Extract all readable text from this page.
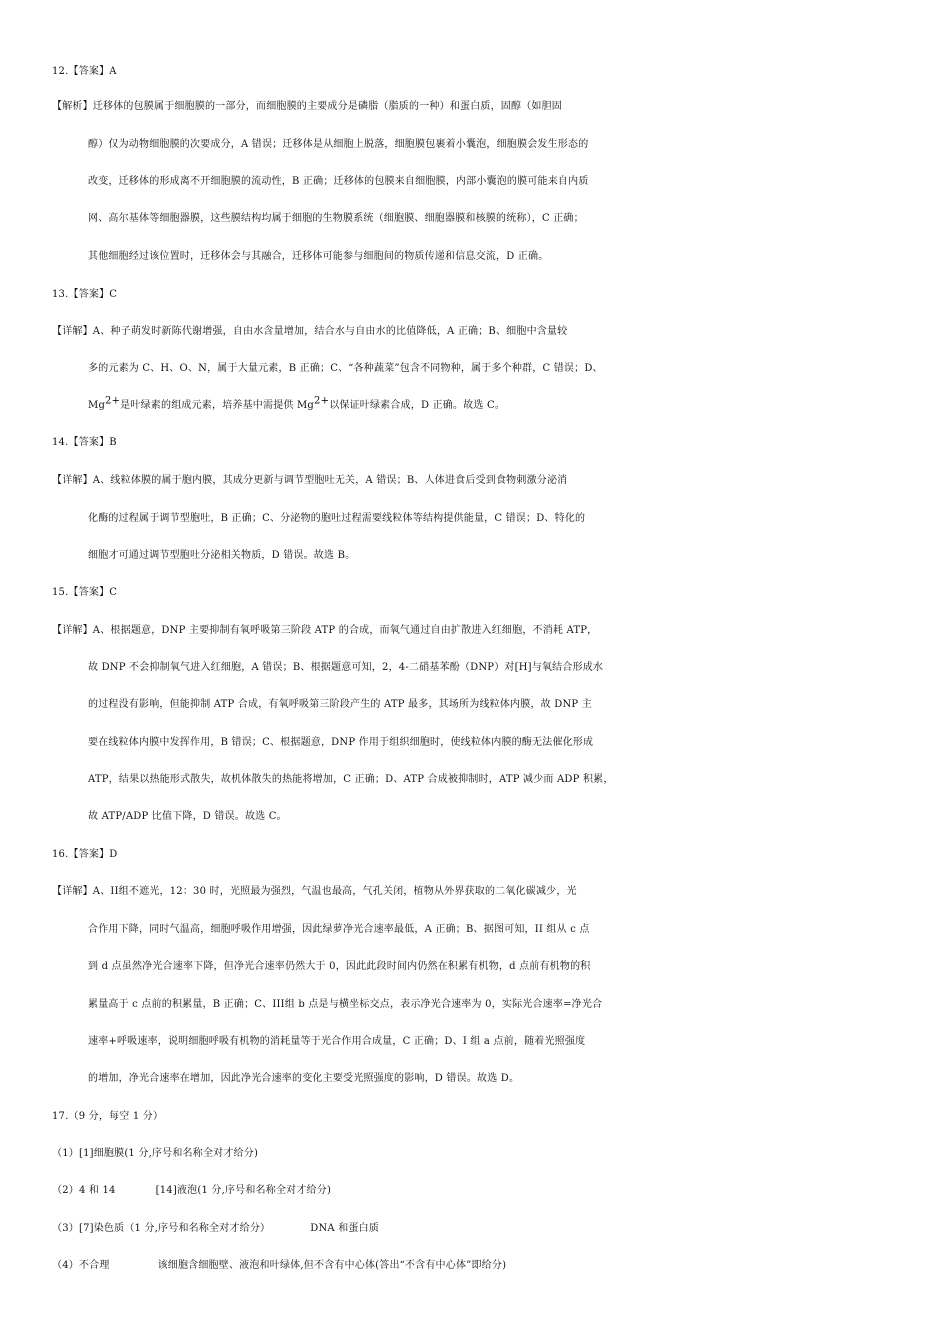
12.【答案】A
【解析】迁移体的包膜属于细胞膜的一部分，而细胞膜的主要成分是磷脂（脂质的一种）和蛋白质，固醇（如胆固
醇）仅为动物细胞膜的次要成分，A 错误；迁移体是从细胞上脱落，细胞膜包裹着小囊泡，细胞膜会发生形态的
改变，迁移体的形成离不开细胞膜的流动性，B 正确；迁移体的包膜来自细胞膜，内部小囊泡的膜可能来自内质
网、高尔基体等细胞器膜，这些膜结构均属于细胞的生物膜系统（细胞膜、细胞器膜和核膜的统称），C 正确；
其他细胞经过该位置时，迁移体会与其融合，迁移体可能参与细胞间的物质传递和信息交流，D 正确。
13.【答案】C
【详解】A、种子萌发时新陈代谢增强，自由水含量增加，结合水与自由水的比值降低，A 正确；B、细胞中含量较
多的元素为 C、H、O、N，属于大量元素，B 正确；C、“各种蔬菜”包含不同物种，属于多个种群，C 错误；D、
Mg2+是叶绿素的组成元素，培养基中需提供 Mg2+以保证叶绿素合成，D 正确。故选 C。
14.【答案】B
【详解】A、线粒体膜的属于胞内膜，其成分更新与调节型胞吐无关，A 错误；B、人体进食后受到食物刺激分泌消
化酶的过程属于调节型胞吐，B 正确；C、分泌物的胞吐过程需要线粒体等结构提供能量，C 错误；D、特化的
细胞才可通过调节型胞吐分泌相关物质，D 错误。故选 B。
15.【答案】C
【详解】A、根据题意，DNP 主要抑制有氧呼吸第三阶段 ATP 的合成，而氧气通过自由扩散进入红细胞，不消耗 ATP，
故 DNP 不会抑制氧气进入红细胞，A 错误；B、根据题意可知，2，4-二硝基苯酚（DNP）对[H]与氧结合形成水
的过程没有影响，但能抑制 ATP 合成，有氧呼吸第三阶段产生的 ATP 最多，其场所为线粒体内膜，故 DNP 主
要在线粒体内膜中发挥作用，B 错误；C、根据题意，DNP 作用于组织细胞时，使线粒体内膜的酶无法催化形成
ATP，结果以热能形式散失，故机体散失的热能将增加，C 正确；D、ATP 合成被抑制时，ATP 减少而 ADP 积累，
故 ATP/ADP 比值下降，D 错误。故选 C。
16.【答案】D
【详解】A、II组不遮光，12：30 时，光照最为强烈，气温也最高，气孔关闭，植物从外界获取的二氧化碳减少，光
合作用下降，同时气温高，细胞呼吸作用增强，因此绿萝净光合速率最低，A 正确；B、据图可知，II 组从 c 点
到 d 点虽然净光合速率下降，但净光合速率仍然大于 0，因此此段时间内仍然在积累有机物，d 点前有机物的积
累量高于 c 点前的积累量，B 正确；C、III组 b 点是与横坐标交点，表示净光合速率为 0，实际光合速率=净光合
速率+呼吸速率，说明细胞呼吸有机物的消耗量等于光合作用合成量，C 正确；D、I 组 a 点前，随着光照强度
的增加，净光合速率在增加，因此净光合速率的变化主要受光照强度的影响，D 错误。故选 D。
17.（9 分，每空 1 分）
（1）[1]细胞膜(1 分,序号和名称全对才给分)
（2）4 和 14	[14]液泡(1 分,序号和名称全对才给分)
（3）[7]染色质（1 分,序号和名称全对才给分）	DNA 和蛋白质
（4）不合理	该细胞含细胞壁、液泡和叶绿体,但不含有中心体(答出“不含有中心体”即给分)
